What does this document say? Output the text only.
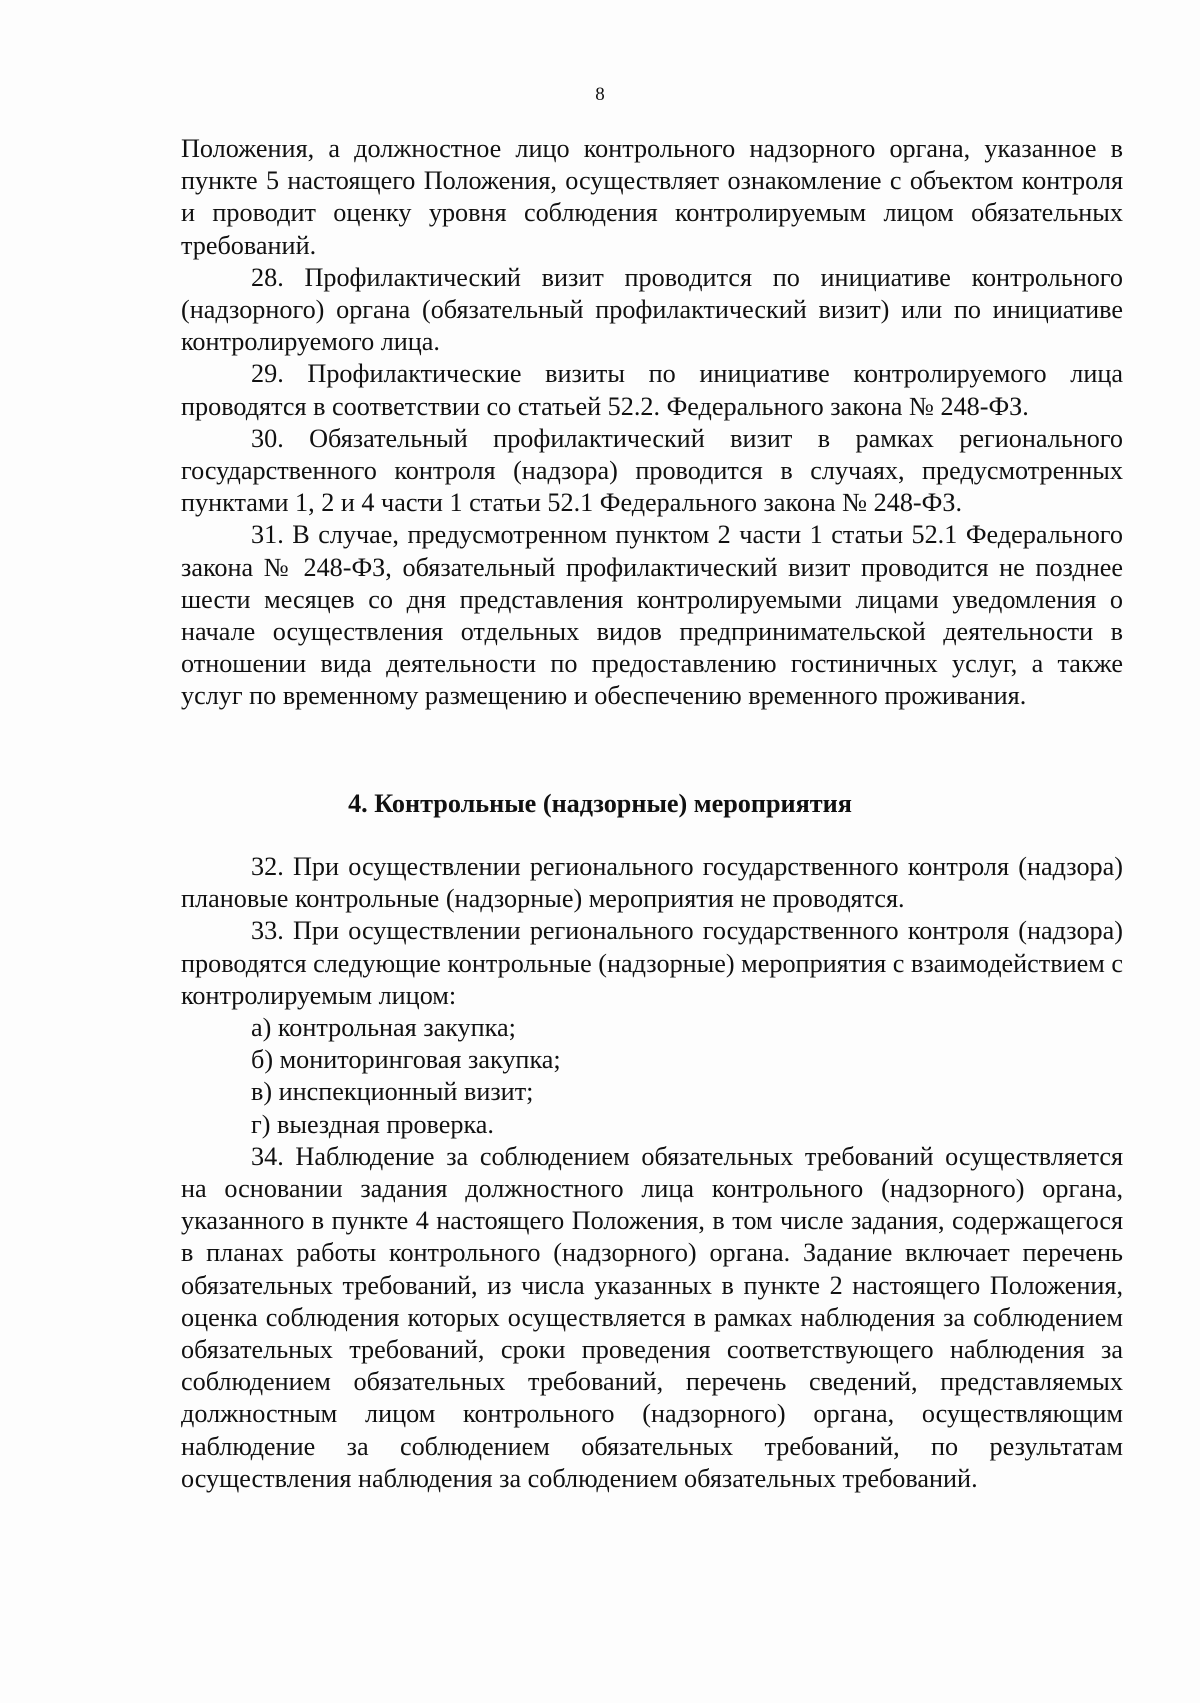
8

Положения, а должностное лицо контрольного надзорного органа, указанное в пункте 5 настоящего Положения, осуществляет ознакомление с объектом контроля и проводит оценку уровня соблюдения контролируемым лицом обязательных требований.

28. Профилактический визит проводится по инициативе контрольного (надзорного) органа (обязательный профилактический визит) или по инициативе контролируемого лица.

29. Профилактические визиты по инициативе контролируемого лица проводятся в соответствии со статьей 52.2. Федерального закона № 248-ФЗ.

30. Обязательный профилактический визит в рамках регионального государственного контроля (надзора) проводится в случаях, предусмотренных пунктами 1, 2 и 4 части 1 статьи 52.1 Федерального закона № 248-ФЗ.

31. В случае, предусмотренном пунктом 2 части 1 статьи 52.1 Федерального закона № 248-ФЗ, обязательный профилактический визит проводится не позднее шести месяцев со дня представления контролируемыми лицами уведомления о начале осуществления отдельных видов предпринимательской деятельности в отношении вида деятельности по предоставлению гостиничных услуг, а также услуг по временному размещению и обеспечению временного проживания.

4. Контрольные (надзорные) мероприятия

32. При осуществлении регионального государственного контроля (надзора) плановые контрольные (надзорные) мероприятия не проводятся.

33. При осуществлении регионального государственного контроля (надзора) проводятся следующие контрольные (надзорные) мероприятия с взаимодействием с контролируемым лицом:

а) контрольная закупка;

б) мониторинговая закупка;

в) инспекционный визит;

г) выездная проверка.

34. Наблюдение за соблюдением обязательных требований осуществляется на основании задания должностного лица контрольного (надзорного) органа, указанного в пункте 4 настоящего Положения, в том числе задания, содержащегося в планах работы контрольного (надзорного) органа. Задание включает перечень обязательных требований, из числа указанных в пункте 2 настоящего Положения, оценка соблюдения которых осуществляется в рамках наблюдения за соблюдением обязательных требований, сроки проведения соответствующего наблюдения за соблюдением обязательных требований, перечень сведений, представляемых должностным лицом контрольного (надзорного) органа, осуществляющим наблюдение за соблюдением обязательных требований, по результатам осуществления наблюдения за соблюдением обязательных требований.
